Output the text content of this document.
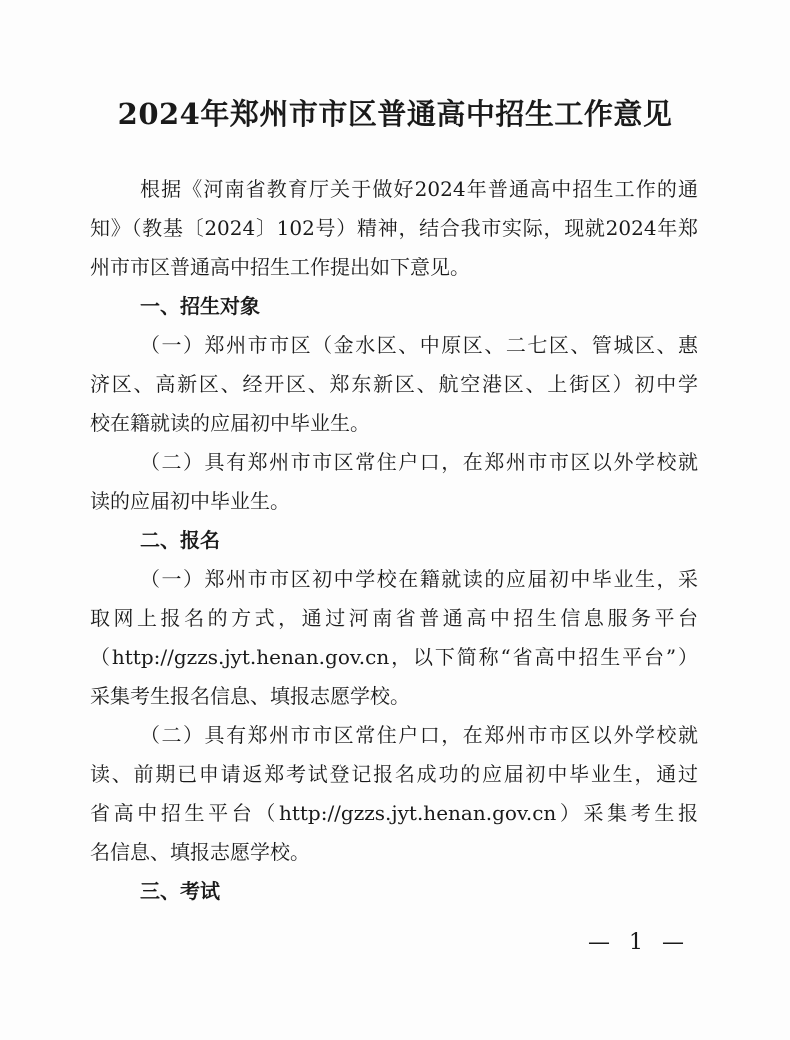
2024年郑州市市区普通高中招生工作意见
根据《河南省教育厅关于做好2024年普通高中招生工作的通
知》（教基〔2024〕102号）精神，结合我市实际，现就2024年郑
州市市区普通高中招生工作提出如下意见。
一、招生对象
（一）郑州市市区（金水区、中原区、二七区、管城区、惠
济区、高新区、经开区、郑东新区、航空港区、上街区）初中学
校在籍就读的应届初中毕业生。
（二）具有郑州市市区常住户口，在郑州市市区以外学校就
读的应届初中毕业生。
二、报名
（一）郑州市市区初中学校在籍就读的应届初中毕业生，采
取网上报名的方式，通过河南省普通高中招生信息服务平台
（http://gzzs.jyt.henan.gov.cn，以下简称“省高中招生平台”）
采集考生报名信息、填报志愿学校。
（二）具有郑州市市区常住户口，在郑州市市区以外学校就
读、前期已申请返郑考试登记报名成功的应届初中毕业生，通过
省高中招生平台（http://gzzs.jyt.henan.gov.cn）采集考生报
名信息、填报志愿学校。
三、考试
— 1 —
